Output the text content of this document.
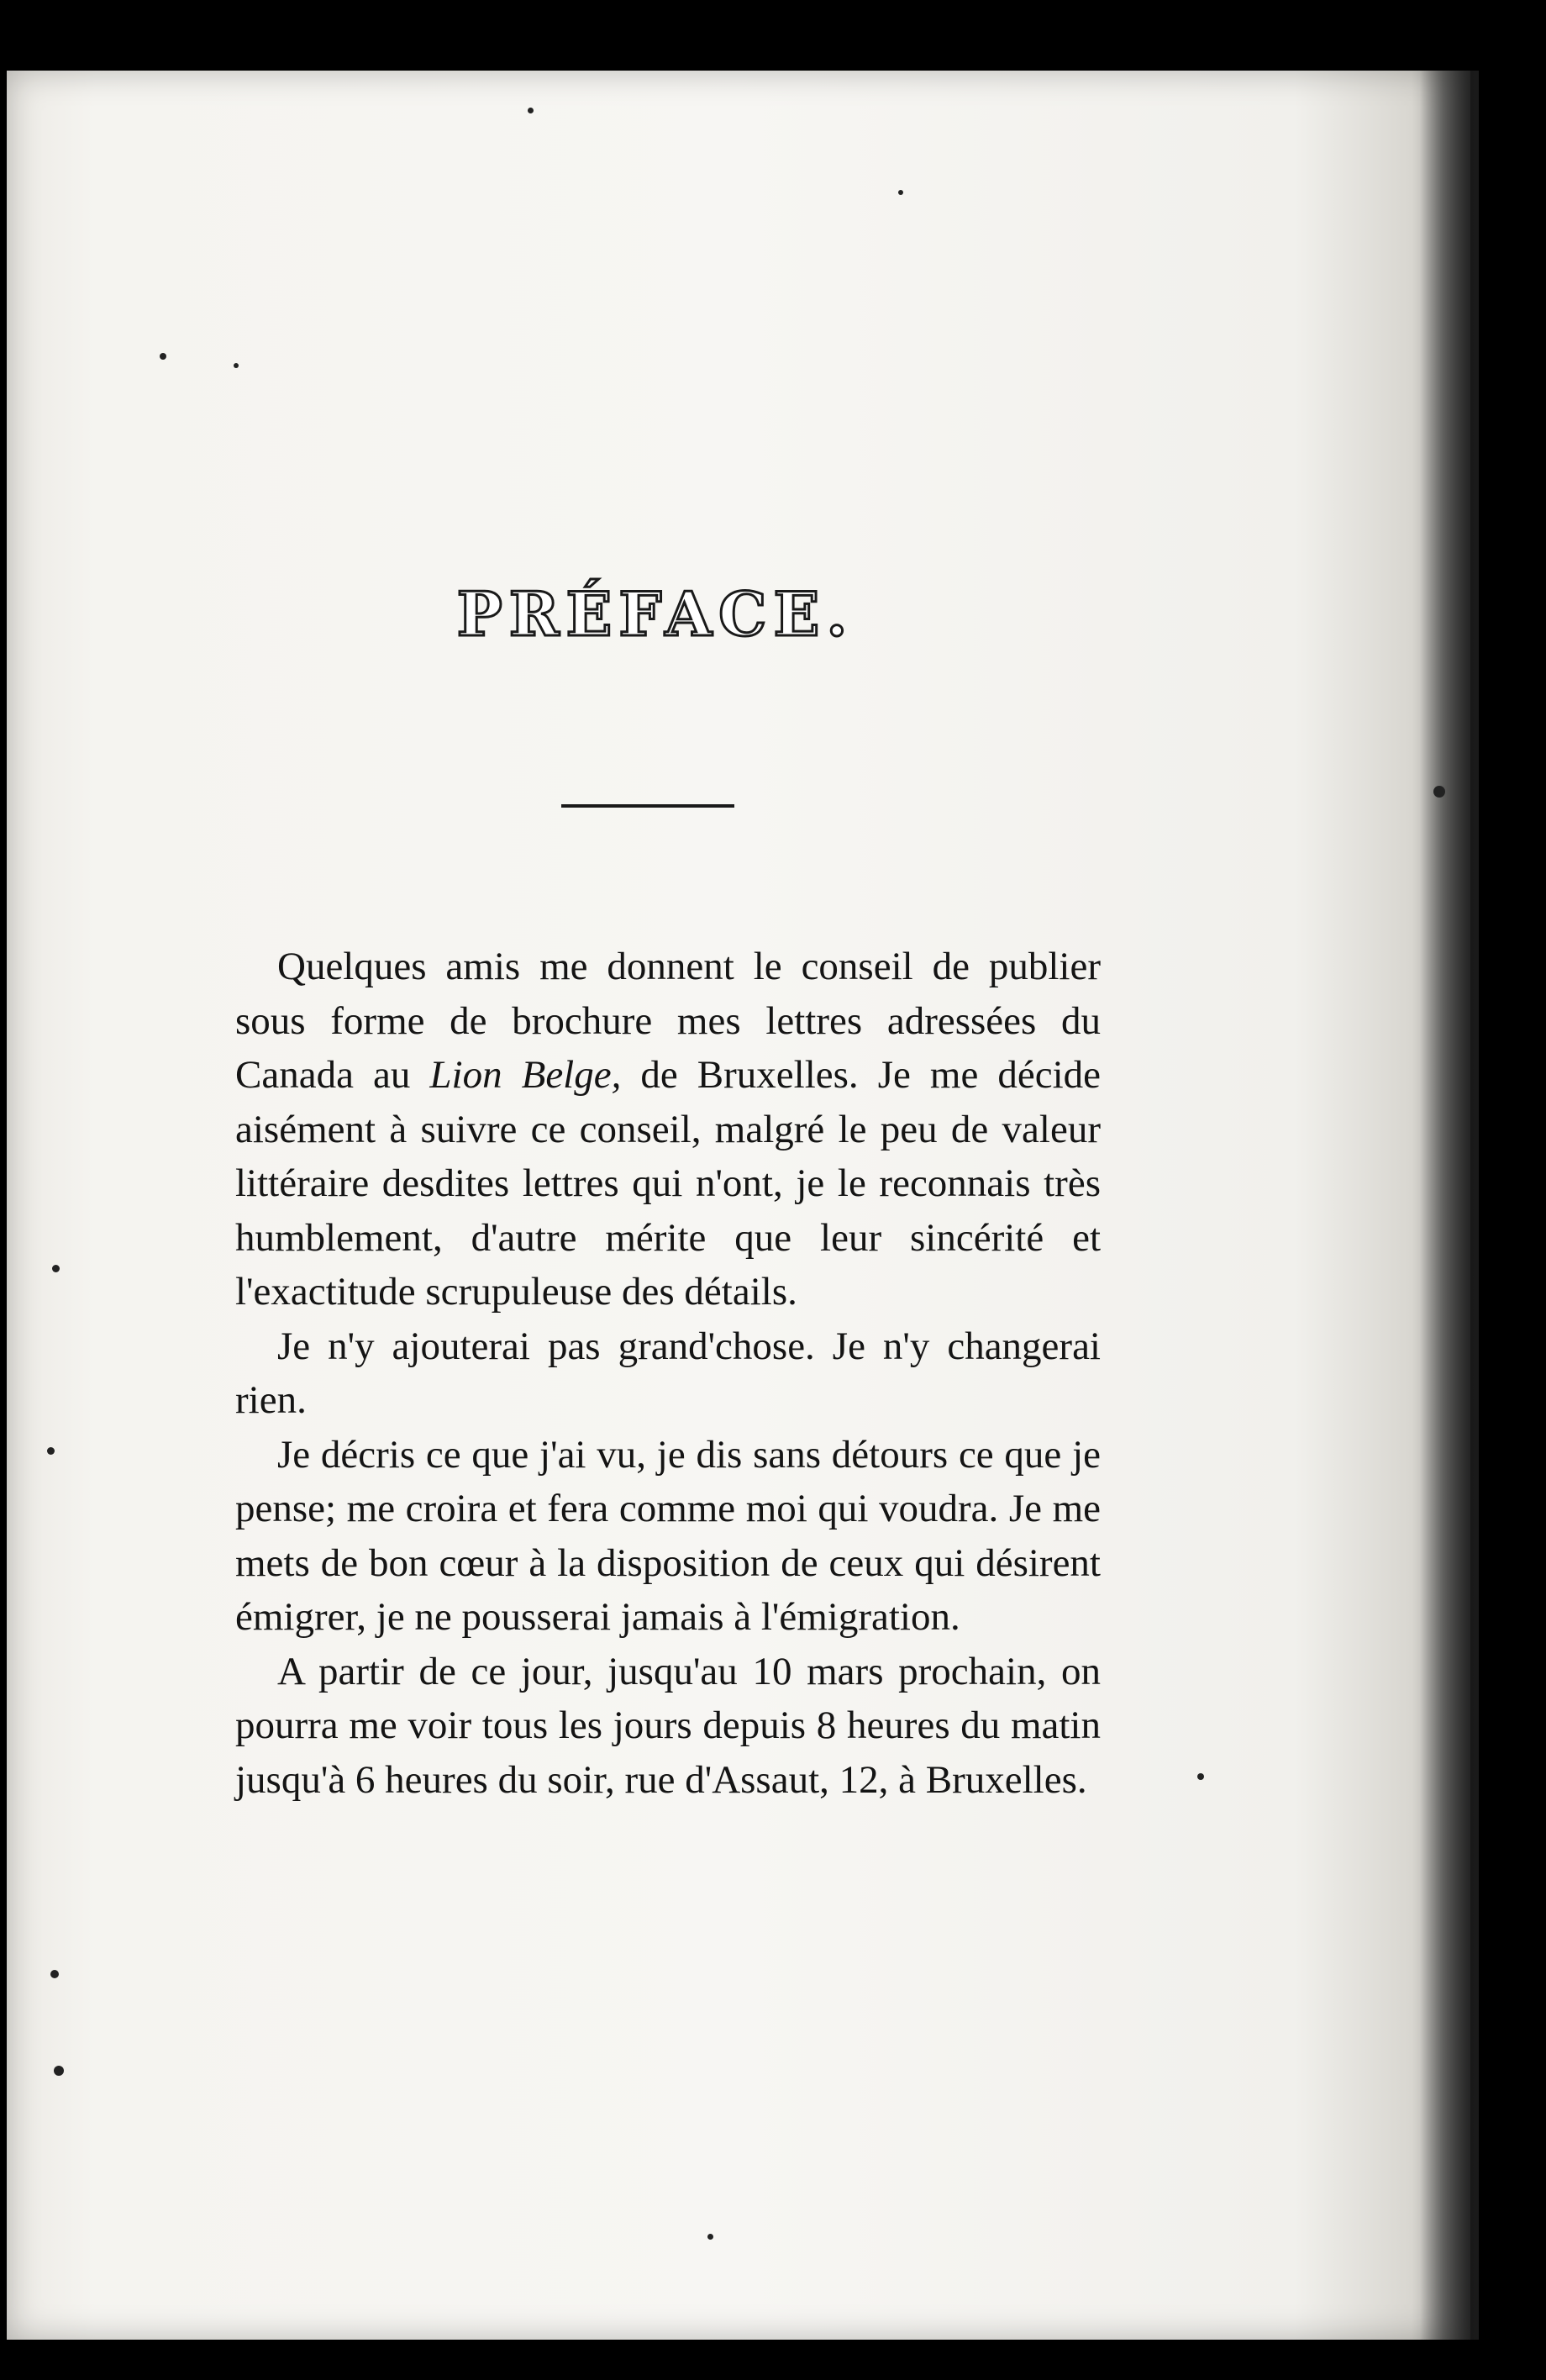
PRÉFACE.

Quelques amis me donnent le conseil de publier sous forme de brochure mes lettres adressées du Canada au Lion Belge, de Bruxelles. Je me décide aisément à suivre ce conseil, malgré le peu de valeur littéraire desdites lettres qui n'ont, je le reconnais très humblement, d'autre mérite que leur sincérité et l'exactitude scrupuleuse des détails.

Je n'y ajouterai pas grand'chose. Je n'y changerai rien.

Je décris ce que j'ai vu, je dis sans détours ce que je pense; me croira et fera comme moi qui voudra. Je me mets de bon cœur à la disposition de ceux qui désirent émigrer, je ne pousserai jamais à l'émigration.

A partir de ce jour, jusqu'au 10 mars prochain, on pourra me voir tous les jours depuis 8 heures du matin jusqu'à 6 heures du soir, rue d'Assaut, 12, à Bruxelles.
